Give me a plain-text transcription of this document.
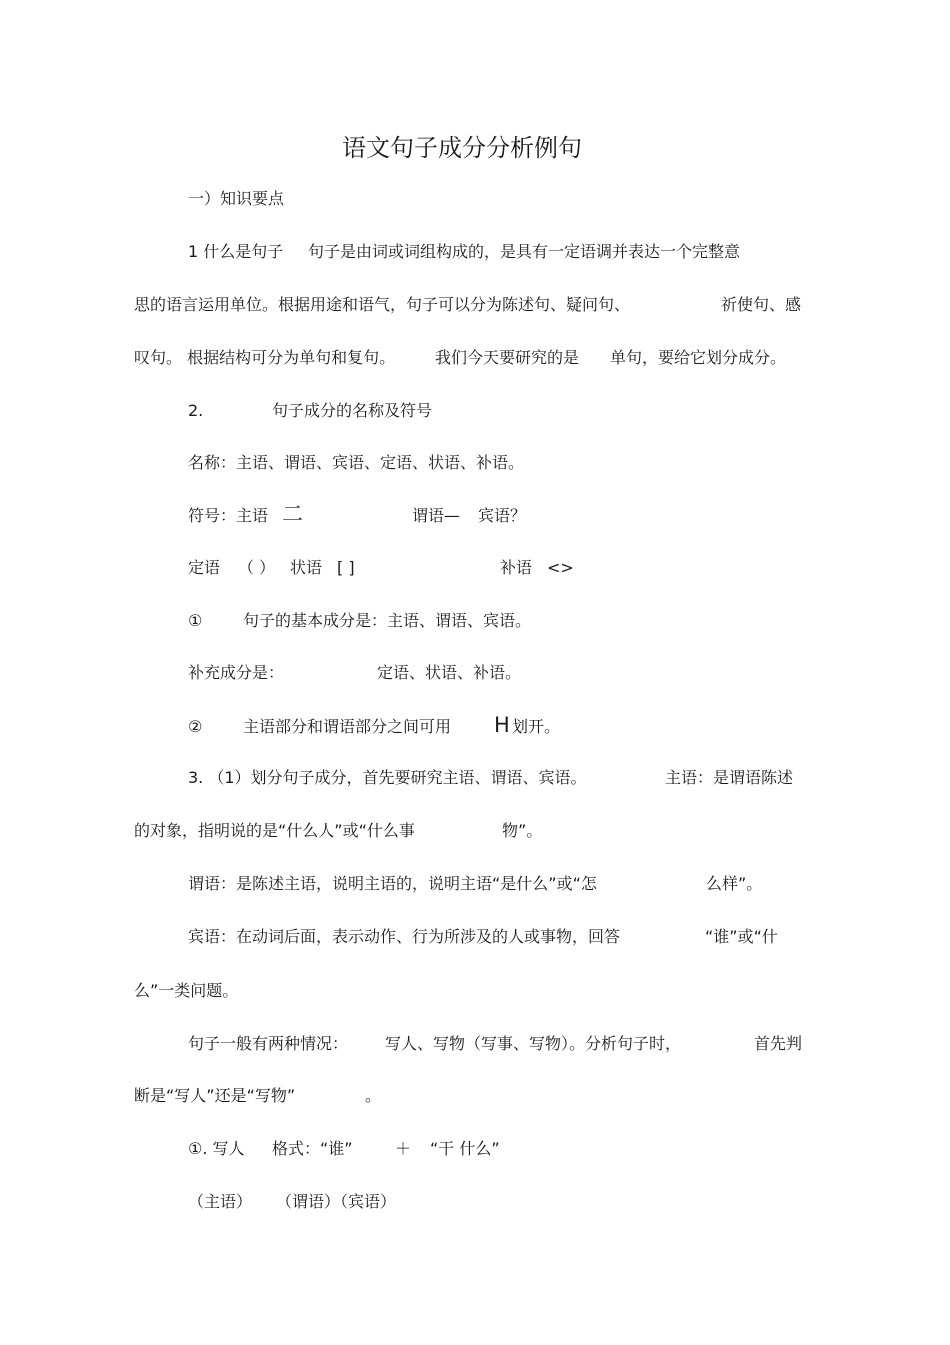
语文句子成分分析例句
一）知识要点
1 什么是句子 句子是由词或词组构成的，是具有一定语调并表达一个完整意
思的语言运用单位。根据用途和语气，句子可以分为陈述句、疑问句、	祈使句、感
叹句。 根据结构可分为单句和复句。 我们今天要研究的是 单句，要给它划分成分。
2.	句子成分的名称及符号
名称：主语、谓语、宾语、定语、状语、补语。
符号：主语 二	谓语— 宾语？
定语 （ ） 状语 [ ]	补语 <>
①	句子的基本成分是：主语、谓语、宾语。
补充成分是：	定语、状语、补语。
②	主语部分和谓语部分之间可用 H 划开。
3. （1）划分句子成分，首先要研究主语、谓语、宾语。	主语：是谓语陈述
的对象，指明说的是“什么人”或“什么事	物”。
谓语：是陈述主语，说明主语的，说明主语“是什么”或“怎	么样”。
宾语：在动词后面，表示动作、行为所涉及的人或事物，回答	“谁”或“什
么”一类问题。
句子一般有两种情况： 写人、写物（写事、写物）。分析句子时，	首先判
断是“写人”还是“写物”	。
①. 写人 格式：“谁”	＋ “干 什么”
（主语） （谓语）（宾语）
